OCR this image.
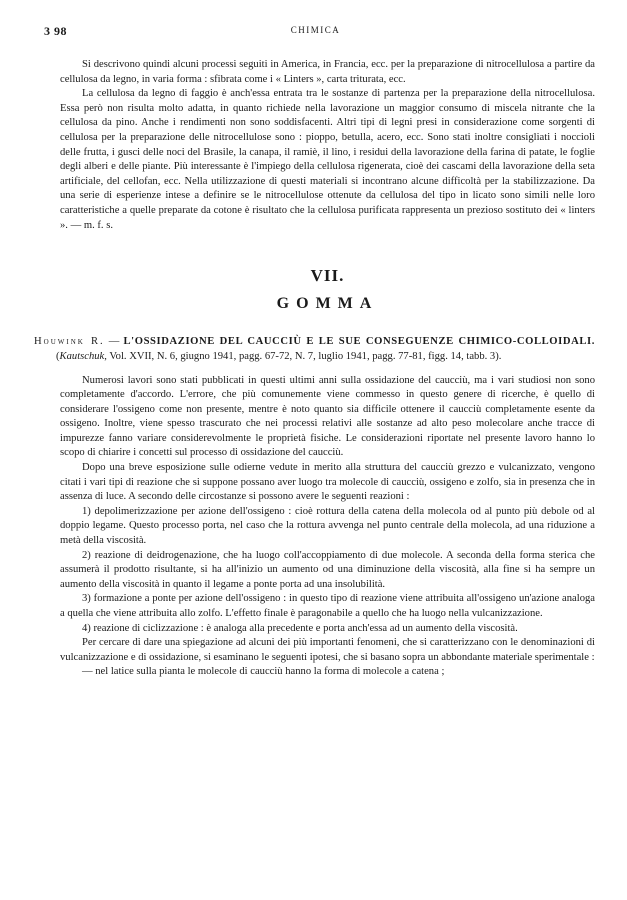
3 98	CHIMICA

Si descrivono quindi alcuni processi seguiti in America, in Francia, ecc. per la preparazione di nitrocellulosa a partire da cellulosa da legno, in varia forma : sfibrata come i « Linters », carta triturata, ecc.

La cellulosa da legno di faggio è anch'essa entrata tra le sostanze di partenza per la preparazione della nitrocellulosa. Essa però non risulta molto adatta, in quanto richiede nella lavorazione un maggior consumo di miscela nitrante che la cellulosa da pino. Anche i rendimenti non sono soddisfacenti. Altri tipi di legni presi in considerazione come sorgenti di cellulosa per la preparazione delle nitrocellulose sono : pioppo, betulla, acero, ecc. Sono stati inoltre consigliati i noccioli delle frutta, i gusci delle noci del Brasile, la canapa, il ramiè, il lino, i residui della lavorazione della farina di patate, le foglie degli alberi e delle piante. Più interessante è l'impiego della cellulosa rigenerata, cioè dei cascami della lavorazione della seta artificiale, del cellofan, ecc. Nella utilizzazione di questi materiali si incontrano alcune difficoltà per la stabilizzazione. Da una serie di esperienze intese a definire se le nitrocellulose ottenute da cellulosa del tipo in licato sono simili nelle loro caratteristiche a quelle preparate da cotone è risultato che la cellulosa purificata rappresenta un prezioso sostituto dei « linters ». — m. f. s.

VII.
GOMMA
Houwink R. — L'OSSIDAZIONE DEL CAUCCIÙ E LE SUE CONSEGUENZE CHIMICO-COLLOIDALI. (Kautschuk, Vol. XVII, N. 6, giugno 1941, pagg. 67-72, N. 7, luglio 1941, pagg. 77-81, figg. 14, tabb. 3).

Numerosi lavori sono stati pubblicati in questi ultimi anni sulla ossidazione del caucciù, ma i vari studiosi non sono completamente d'accordo. L'errore, che più comunemente viene commesso in questo genere di ricerche, è quello di considerare l'ossigeno come non presente, mentre è noto quanto sia difficile ottenere il caucciù completamente esente da ossigeno. Inoltre, viene spesso trascurato che nei processi relativi alle sostanze ad alto peso molecolare anche tracce di impurezze fanno variare considerevolmente le proprietà fisiche. Le considerazioni riportate nel presente lavoro hanno lo scopo di chiarire i concetti sul processo di ossidazione del caucciù.

Dopo una breve esposizione sulle odierne vedute in merito alla struttura del caucciù grezzo e vulcanizzato, vengono citati i vari tipi di reazione che si suppone possano aver luogo tra molecole di caucciù, ossigeno e zolfo, sia in presenza che in assenza di luce. A secondo delle circostanze si possono avere le seguenti reazioni :

1) depolimerizzazione per azione dell'ossigeno : cioè rottura della catena della molecola od al punto più debole od al doppio legame. Questo processo porta, nel caso che la rottura avvenga nel punto centrale della molecola, ad una riduzione a metà della viscosità.

2) reazione di deidrogenazione, che ha luogo coll'accoppiamento di due molecole. A seconda della forma sterica che assumerà il prodotto risultante, si ha all'inizio un aumento od una diminuzione della viscosità, alla fine si ha sempre un aumento della viscosità in quanto il legame a ponte porta ad una insolubilità.

3) formazione a ponte per azione dell'ossigeno : in questo tipo di reazione viene attribuita all'ossigeno un'azione analoga a quella che viene attribuita allo zolfo. L'effetto finale è paragonabile a quello che ha luogo nella vulcanizzazione.

4) reazione di ciclizzazione : è analoga alla precedente e porta anch'essa ad un aumento della viscosità.

Per cercare di dare una spiegazione ad alcuni dei più importanti fenomeni, che si caratterizzano con le denominazioni di vulcanizzazione e di ossidazione, si esaminano le seguenti ipotesi, che si basano sopra un abbondante materiale sperimentale :

— nel latice sulla pianta le molecole di caucciù hanno la forma di molecole a catena ;
